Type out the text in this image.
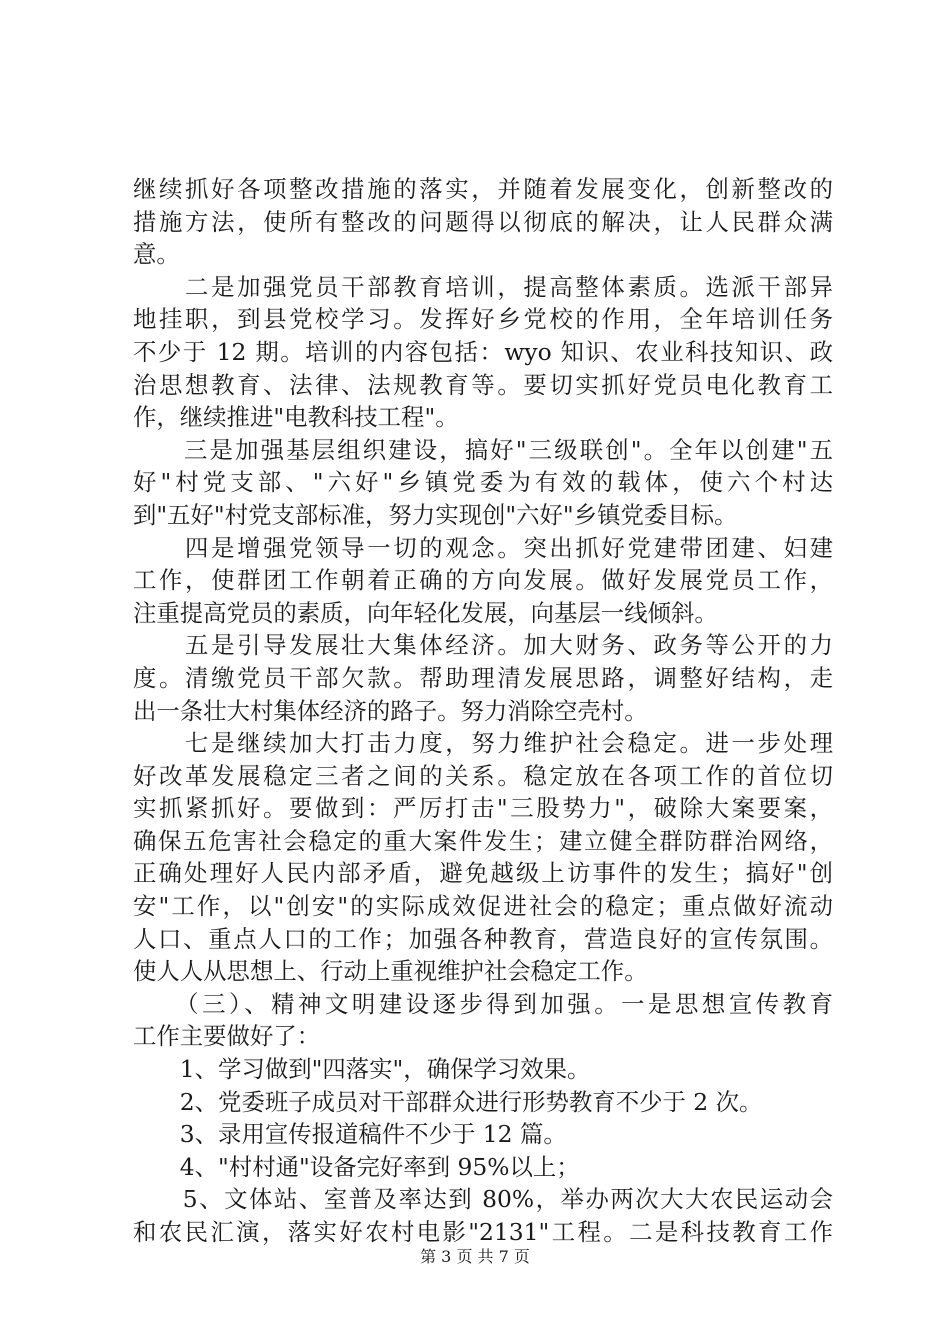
继续抓好各项整改措施的落实，并随着发展变化，创新整改的
措施方法，使所有整改的问题得以彻底的解决，让人民群众满
意。
　　二是加强党员干部教育培训，提高整体素质。选派干部异
地挂职，到县党校学习。发挥好乡党校的作用，全年培训任务
不少于 12 期。培训的内容包括：wyo 知识、农业科技知识、政
治思想教育、法律、法规教育等。要切实抓好党员电化教育工
作，继续推进"电教科技工程"。
　　三是加强基层组织建设，搞好"三级联创"。全年以创建"五
好"村党支部、"六好"乡镇党委为有效的载体，使六个村达
到"五好"村党支部标准，努力实现创"六好"乡镇党委目标。
　　四是增强党领导一切的观念。突出抓好党建带团建、妇建
工作，使群团工作朝着正确的方向发展。做好发展党员工作，
注重提高党员的素质，向年轻化发展，向基层一线倾斜。
　　五是引导发展壮大集体经济。加大财务、政务等公开的力
度。清缴党员干部欠款。帮助理清发展思路，调整好结构，走
出一条壮大村集体经济的路子。努力消除空壳村。
　　七是继续加大打击力度，努力维护社会稳定。进一步处理
好改革发展稳定三者之间的关系。稳定放在各项工作的首位切
实抓紧抓好。要做到：严厉打击"三股势力"，破除大案要案，
确保五危害社会稳定的重大案件发生；建立健全群防群治网络，
正确处理好人民内部矛盾，避免越级上访事件的发生；搞好"创
安"工作，以"创安"的实际成效促进社会的稳定；重点做好流动
人口、重点人口的工作；加强各种教育，营造良好的宣传氛围。
使人人从思想上、行动上重视维护社会稳定工作。
　　（三）、精神文明建设逐步得到加强。一是思想宣传教育
工作主要做好了：
　　1、学习做到"四落实"，确保学习效果。
　　2、党委班子成员对干部群众进行形势教育不少于 2 次。
　　3、录用宣传报道稿件不少于 12 篇。
　　4、"村村通"设备完好率到 95%以上；
　　5、文体站、室普及率达到 80%，举办两次大大农民运动会
和农民汇演，落实好农村电影"2131"工程。二是科技教育工作
第 3 页 共 7 页
